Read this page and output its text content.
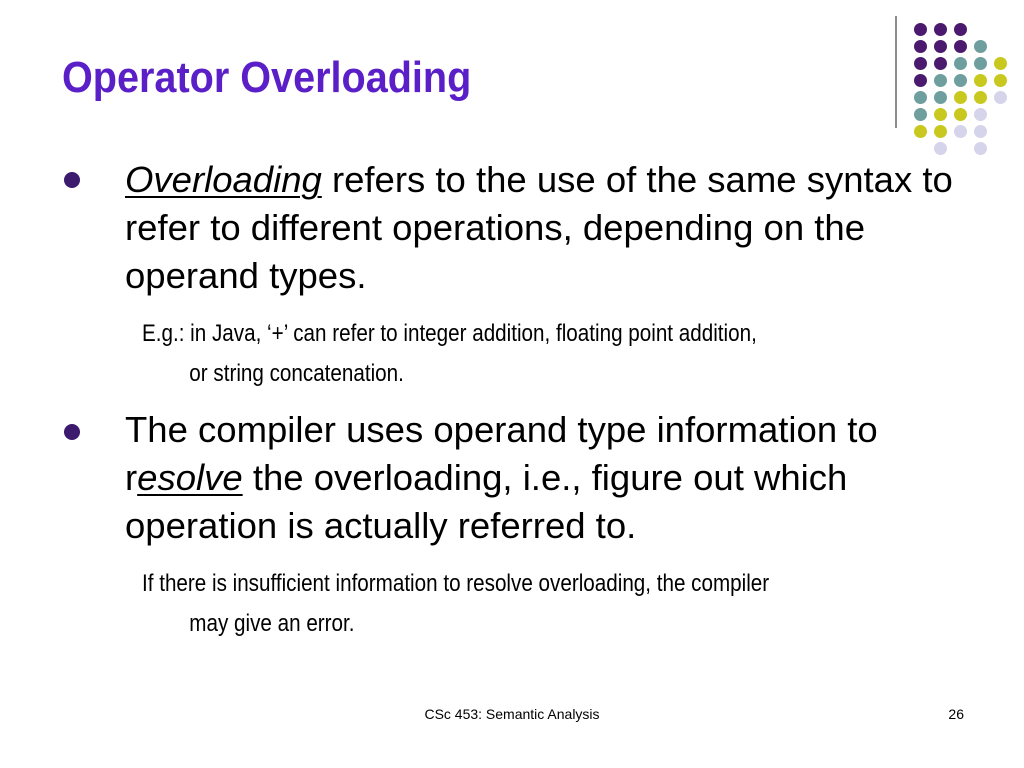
Operator Overloading

Overloading refers to the use of the same syntax to refer to different operations, depending on the operand types.

E.g.: in Java, ‘+’ can refer to integer addition, floating point addition,
or string concatenation.

The compiler uses operand type information to resolve the overloading, i.e., figure out which operation is actually referred to.

If there is insufficient information to resolve overloading, the compiler
may give an error.

CSc 453: Semantic Analysis	26
